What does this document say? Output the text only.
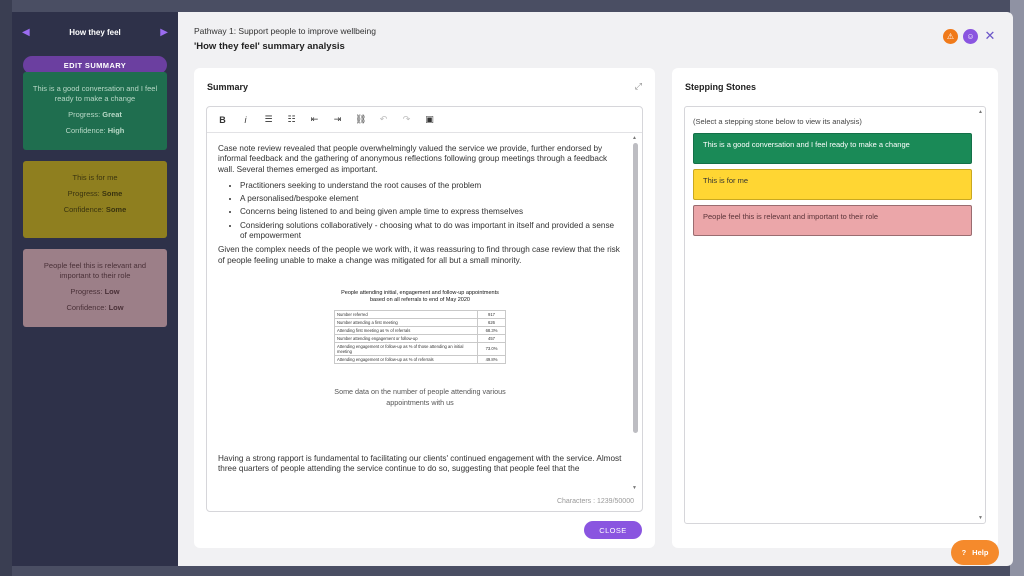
◀	How they feel	▶
EDIT SUMMARY
This is a good conversation and I feel ready to make a change
Progress: Great
Confidence: High
This is for me
Progress: Some
Confidence: Some
People feel this is relevant and important to their role
Progress: Low
Confidence: Low
Pathway 1: Support people to improve wellbeing
'How they feel' summary analysis
⚠	☺ ✕
Summary	⤢
B	i	☰ ☷ ⇤ ⇥ ⛓ ↶ ↷ ▣

Case note review revealed that people overwhelmingly valued the service we provide, further endorsed by informal feedback and the gathering of anonymous reflections following group meetings through a feedback wall. Several themes emerged as important.

• Practitioners seeking to understand the root causes of the problem
• A personalised/bespoke element
• Concerns being listened to and being given ample time to express themselves
• Considering solutions collaboratively - choosing what to do was important in itself and provided a sense of empowerment

Given the complex needs of the people we work with, it was reassuring to find through case review that the risk of people feeling unable to make a change was mitigated for all but a small minority.

People attending initial, engagement and follow-up appointments
based on all referrals to end of May 2020
Number referred	917
Number attending a first meeting	626
Attending first meeting as % of referrals	68.3%
Number attending engagement or follow-up	457
Attending engagement or follow-up as % of those attending an initial meeting	73.0%
Attending engagement or follow-up as % of referrals	49.8%
Some data on the number of people attending various
appointments with us

Having a strong rapport is fundamental to facilitating our clients' continued engagement with the service. Almost three quarters of people attending the service continue to do so, suggesting that people feel that the

▲
▼
Characters : 1239/50000
CLOSE
Stepping Stones
(Select a stepping stone below to view its analysis)
This is a good conversation and I feel ready to make a change
This is for me
People feel this is relevant and important to their role
▲
▼
? Help
